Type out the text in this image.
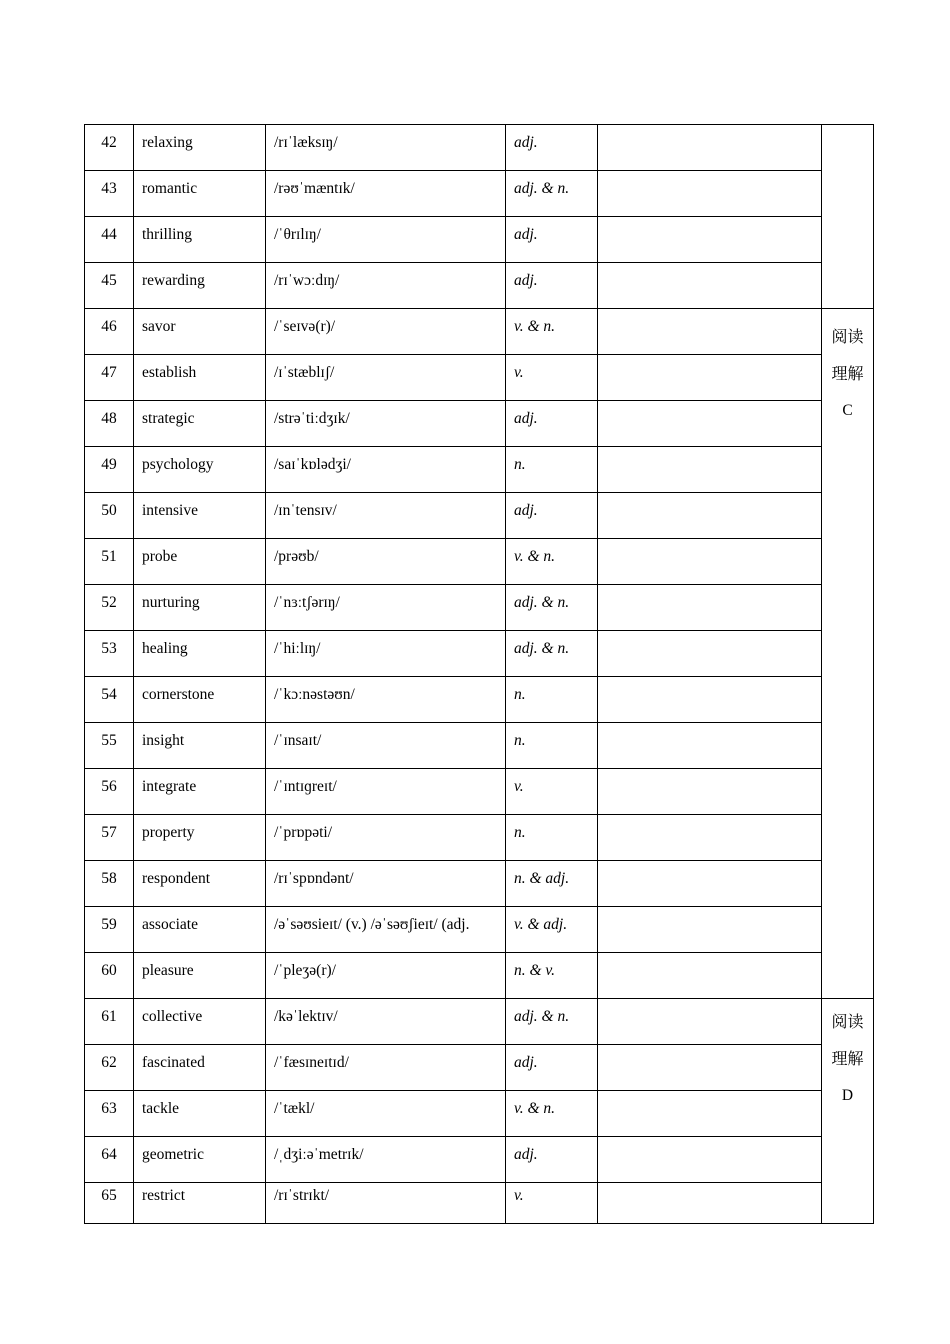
42	relaxing	/rɪˈlæksɪŋ/	adj.		
43	romantic	/rəʊˈmæntɪk/	adj. & n.		
44	thrilling	/ˈθrɪlɪŋ/	adj.		
45	rewarding	/rɪˈwɔːdɪŋ/	adj.		
46	savor	/ˈseɪvə(r)/	v. & n.		阅读
理解
C

47	establish	/ɪˈstæblɪʃ/	v.		
48	strategic	/strəˈtiːdʒɪk/	adj.		
49	psychology	/saɪˈkɒlədʒi/	n.		
50	intensive	/ɪnˈtensɪv/	adj.		
51	probe	/prəʊb/	v. & n.		
52	nurturing	/ˈnɜːtʃərɪŋ/	adj. & n.		
53	healing	/ˈhiːlɪŋ/	adj. & n.		
54	cornerstone	/ˈkɔːnəstəʊn/	n.		
55	insight	/ˈɪnsaɪt/	n.		
56	integrate	/ˈɪntɪɡreɪt/	v.		
57	property	/ˈprɒpəti/	n.		
58	respondent	/rɪˈspɒndənt/	n. & adj.		
59	associate	/əˈsəʊsieɪt/ (v.) /əˈsəʊʃieɪt/ (adj.	v. & adj.		
60	pleasure	/ˈpleʒə(r)/	n. & v.		
61	collective	/kəˈlektɪv/	adj. & n.		阅读
理解
D

62	fascinated	/ˈfæsɪneɪtɪd/	adj.		
63	tackle	/ˈtækl/	v. & n.		
64	geometric	/ˌdʒiːəˈmetrɪk/	adj.		
65	restrict	/rɪˈstrɪkt/	v.		
